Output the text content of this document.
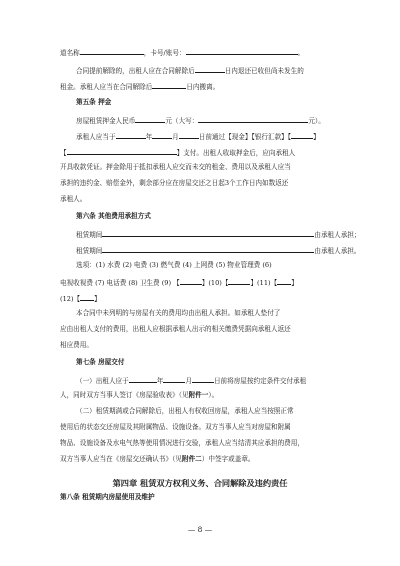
道名称	，卡号/账号：	。
合同提前解除的，出租人应在合同解除后	日内退还已收但尚未发生的
租金。承租人应当在合同解除后	日内搬离。
第五条 押金
房屋租赁押金人民币	元（大写：	元）。
承租人应当于	年	月	日前通过【现金】【银行汇款】【	】
【	】支付。出租人收取押金后，应向承租人
开具收款凭证。押金除用于抵扣承租人应交而未交的租金、费用以及承租人应当
承担的违约金、赔偿金外，剩余部分应在房屋交还之日起3个工作日内如数返还
承租人。
第六条 其他费用承担方式
租赁期间	由承租人承担；
租赁期间	由承租人承担。
选项：(1) 水费 (2) 电费 (3) 燃气费 (4) 上网费 (5) 物业管理费 (6)
电视收视费 (7) 电话费 (8) 卫生费 (9) 【	】(10)【	】(11)【 】
(12)【 】
本合同中未列明的与房屋有关的费用均由出租人承担。如承租人垫付了
应由出租人支付的费用，出租人应根据承租人出示的相关缴费凭据向承租人返还
相应费用。
第七条 房屋交付
（一）出租人应于	年	月	日前将房屋按约定条件交付承租
人，同时双方当事人签订《房屋验收表》（见附件一）。
（二）租赁期满或合同解除后，出租人有权收回房屋，承租人应当按照正常
使用后的状态交还房屋及其附属物品、设施设备。双方当事人应当对房屋和附属
物品、设施设备及水电气热等使用情况进行交验，承租人应当结清其应承担的费用，
双方当事人应当在《房屋交还确认书》（见附件二）中签字或盖章。
第四章 租赁双方权利义务、合同解除及违约责任
第八条 租赁期内房屋使用及维护
— 8 —
